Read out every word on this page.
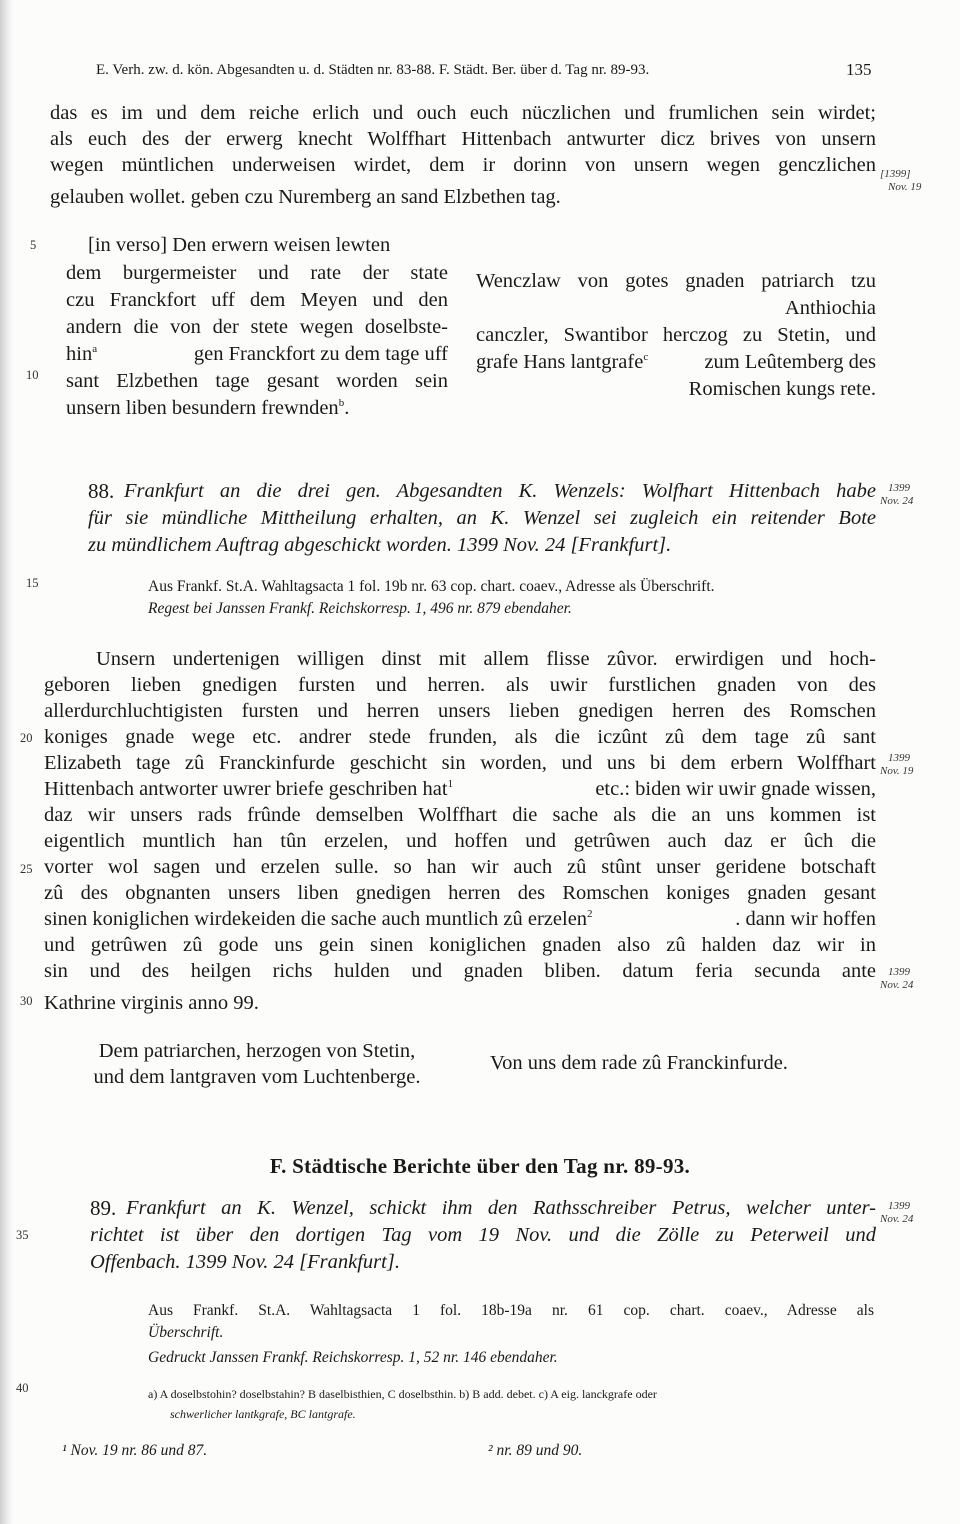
E. Verh. zw. d. kön. Abgesandten u. d. Städten nr. 83-88. F. Städt. Ber. über d. Tag nr. 89-93.	135
das es im und dem reiche erlich und ouch euch nüczlichen und frumlichen sein wirdet;
als euch des der erwerg knecht Wolffhart Hittenbach antwurter dicz brives von unsern
wegen müntlichen underweisen wirdet, dem ir dorinn von unsern wegen genczlichen
gelauben wollet. geben czu Nuremberg an sand Elzbethen tag.
[1399]
Nov. 19
5
10
15
20
25
30
35
40
[in verso] Den erwern weisen lewten
dem burgermeister und rate der state
czu Franckfort uff dem Meyen und den
andern die von der stete wegen doselbste-
hin$^a$	gen Franckfort zu dem tage uff
sant Elzbethen tage gesant worden sein
unsern liben besundern frewnden$^b$.
Wenczlaw von gotes gnaden patriarch tzu
Anthiochia
canczler, Swantibor herczog zu Stetin, und
grafe Hans lantgrafe$^c$	zum Leûtemberg des
Romischen kungs rete.
88. Frankfurt an die drei gen. Abgesandten K. Wenzels: Wolfhart Hittenbach habe
für sie mündliche Mittheilung erhalten, an K. Wenzel sei zugleich ein reitender Bote
zu mündlichem Auftrag abgeschickt worden. 1399 Nov. 24 [Frankfurt].
1399
Nov. 24
Aus Frankf. St.A. Wahltagsacta 1 fol. 19b nr. 63 cop. chart. coaev., Adresse als Überschrift.
Regest bei Janssen Frankf. Reichskorresp. 1, 496 nr. 879 ebendaher.
Unsern undertenigen willigen dinst mit allem flisse zûvor. erwirdigen und hoch-
geboren lieben gnedigen fursten und herren. als uwir furstlichen gnaden von des
allerdurchluchtigisten fursten und herren unsers lieben gnedigen herren des Romschen
koniges gnade wege etc. andrer stede frunden, als die iczûnt zû dem tage zû sant
Elizabeth tage zû Franckinfurde geschicht sin worden, und uns bi dem erbern Wolffhart
Hittenbach antworter uwrer briefe geschriben hat$^1$	etc.: biden wir uwir gnade wissen,
daz wir unsers rads frûnde demselben Wolffhart die sache als die an uns kommen ist
eigentlich muntlich han tûn erzelen, und hoffen und getrûwen auch daz er ûch die
vorter wol sagen und erzelen sulle. so han wir auch zû stûnt unser geridene botschaft
zû des obgnanten unsers liben gnedigen herren des Romschen koniges gnaden gesant
sinen koniglichen wirdekeiden die sache auch muntlich zû erzelen$^2$	. dann wir hoffen
und getrûwen zû gode uns gein sinen koniglichen gnaden also zû halden daz wir in
sin und des heilgen richs hulden und gnaden bliben. datum feria secunda ante
Kathrine virginis anno 99.
1399
Nov. 19
1399
Nov. 24
Dem patriarchen, herzogen von Stetin,
und dem lantgraven vom Luchtenberge.
Von uns dem rade zû Franckinfurde.
F. Städtische Berichte über den Tag nr. 89-93.
89. Frankfurt an K. Wenzel, schickt ihm den Rathsschreiber Petrus, welcher unter-
richtet ist über den dortigen Tag vom 19 Nov. und die Zölle zu Peterweil und
Offenbach. 1399 Nov. 24 [Frankfurt].
1399
Nov. 24
Aus Frankf. St.A. Wahltagsacta 1 fol. 18b-19a nr. 61 cop. chart. coaev., Adresse als
Überschrift.
Gedruckt Janssen Frankf. Reichskorresp. 1, 52 nr. 146 ebendaher.
a) A doselbstohin? doselbstahin? B daselbisthien, C doselbsthin. b) B add. debet. c) A eig. lanckgrafe oder
schwerlicher lantkgrafe, BC lantgrafe.
¹ Nov. 19 nr. 86 und 87.	² nr. 89 und 90.
